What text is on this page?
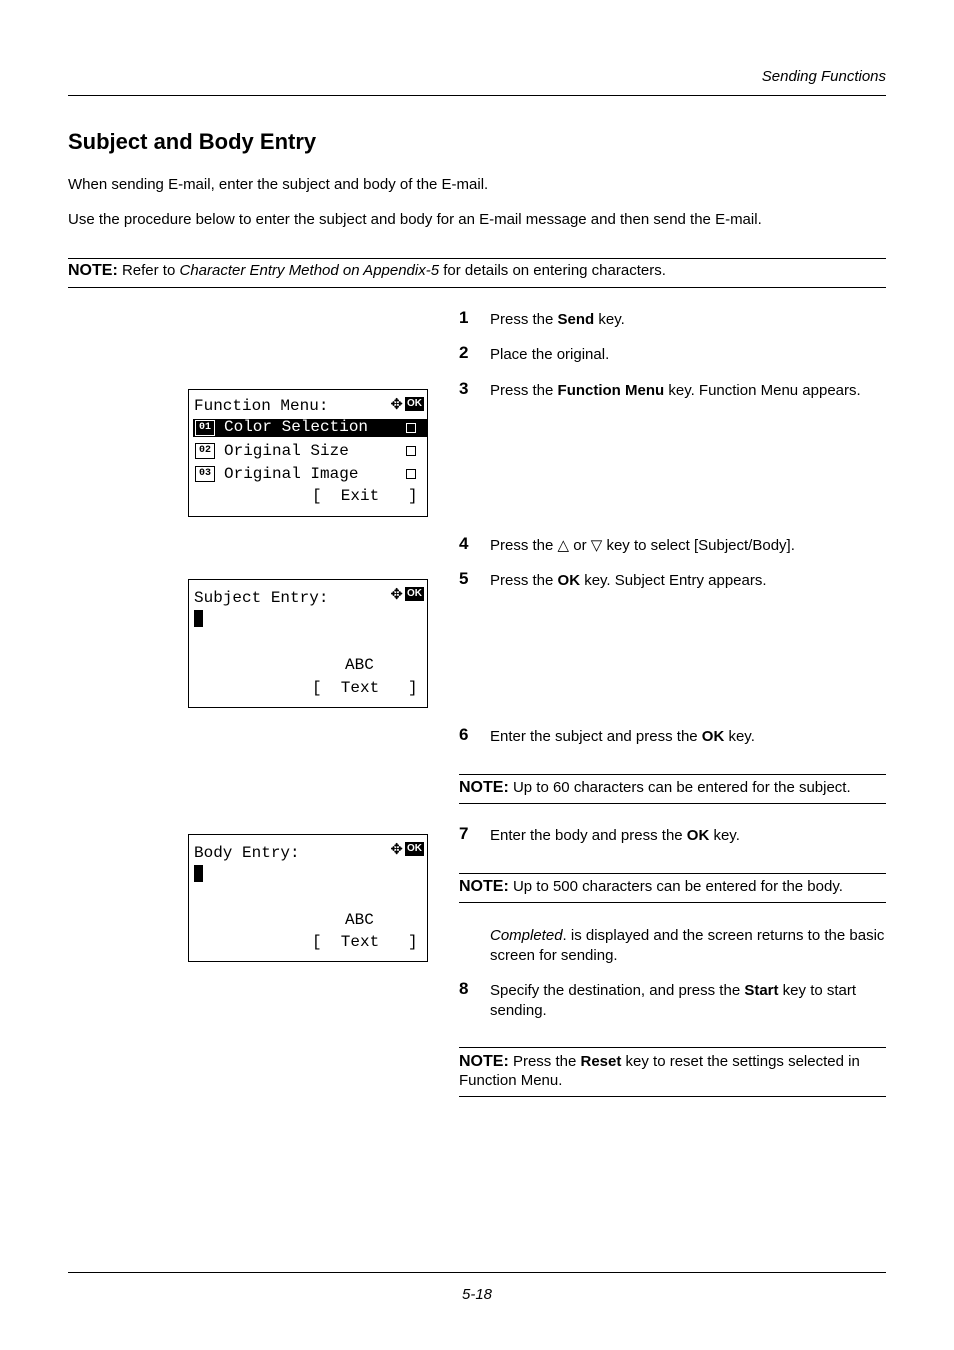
Sending Functions
Subject and Body Entry
When sending E-mail, enter the subject and body of the E-mail.
Use the procedure below to enter the subject and body for an E-mail message and then send the E-mail.
NOTE: Refer to Character Entry Method on Appendix-5 for details on entering characters.
1 Press the Send key.
2 Place the original.
3 Press the Function Menu key. Function Menu appears.
4 Press the △ or ▽ key to select [Subject/Body].
5 Press the OK key. Subject Entry appears.
6 Enter the subject and press the OK key.
NOTE: Up to 60 characters can be entered for the subject.
7 Enter the body and press the OK key.
NOTE: Up to 500 characters can be entered for the body.
Completed. is displayed and the screen returns to the basic screen for sending.
8 Specify the destination, and press the Start key to start sending.
NOTE: Press the Reset key to reset the settings selected in Function Menu.
Function Menu:	✥ OK
01 Color Selection
02 Original Size
03 Original Image
[  Exit   ]
Subject Entry:	✥ OK
ABC
[  Text   ]
Body Entry:	✥ OK
ABC
[  Text   ]
5-18
